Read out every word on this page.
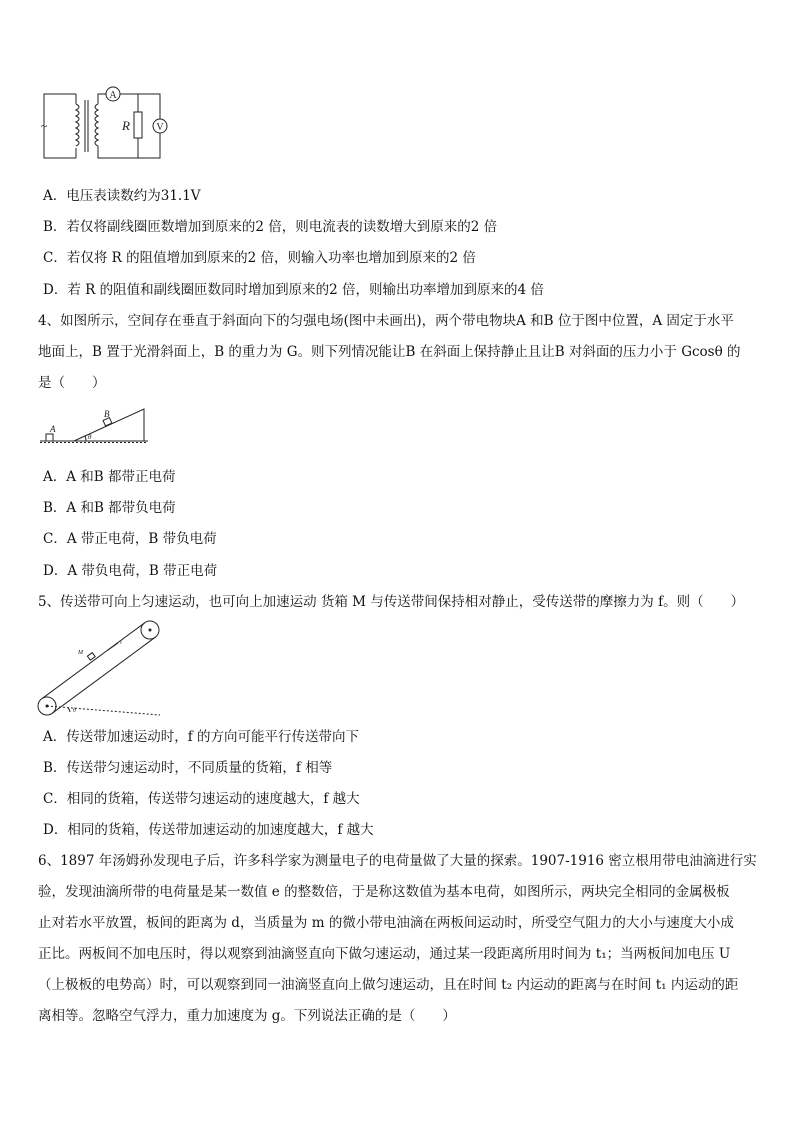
~
A
V
R
A．电压表读数约为31.1V
B．若仅将副线圈匝数增加到原来的2 倍，则电流表的读数增大到原来的2 倍
C．若仅将 R 的阻值增加到原来的2 倍，则输入功率也增加到原来的2 倍
D．若 R 的阻值和副线圈匝数同时增加到原来的2 倍，则输出功率增加到原来的4 倍
4、如图所示，空间存在垂直于斜面向下的匀强电场(图中未画出)，两个带电物块A 和B 位于图中位置，A 固定于水平
地面上，B 置于光滑斜面上，B 的重力为 G。则下列情况能让B 在斜面上保持静止且让B 对斜面的压力小于 Gcosθ 的
是（　　）
A
B
θ
A．A 和B 都带正电荷
B．A 和B 都带负电荷
C．A 带正电荷，B 带负电荷
D．A 带负电荷，B 带正电荷
5、传送带可向上匀速运动，也可向上加速运动 货箱 M 与传送带间保持相对静止，受传送带的摩擦力为 f。则（　　）
M
v
θ
A．传送带加速运动时，f 的方向可能平行传送带向下
B．传送带匀速运动时，不同质量的货箱，f 相等
C．相同的货箱，传送带匀速运动的速度越大，f 越大
D．相同的货箱，传送带加速运动的加速度越大，f 越大
6、1897 年汤姆孙发现电子后，许多科学家为测量电子的电荷量做了大量的探索。1907-1916 密立根用带电油滴进行实
验，发现油滴所带的电荷量是某一数值 e 的整数倍，于是称这数值为基本电荷，如图所示，两块完全相同的金属极板
止对若水平放置，板间的距离为 d，当质量为 m 的微小带电油滴在两板间运动时，所受空气阻力的大小与速度大小成
正比。两板间不加电压时，得以观察到油滴竖直向下做匀速运动，通过某一段距离所用时间为 t₁；当两板间加电压 U
（上极板的电势高）时，可以观察到同一油滴竖直向上做匀速运动，且在时间 t₂ 内运动的距离与在时间 t₁ 内运动的距
离相等。忽略空气浮力，重力加速度为 g。下列说法正确的是（　　）
